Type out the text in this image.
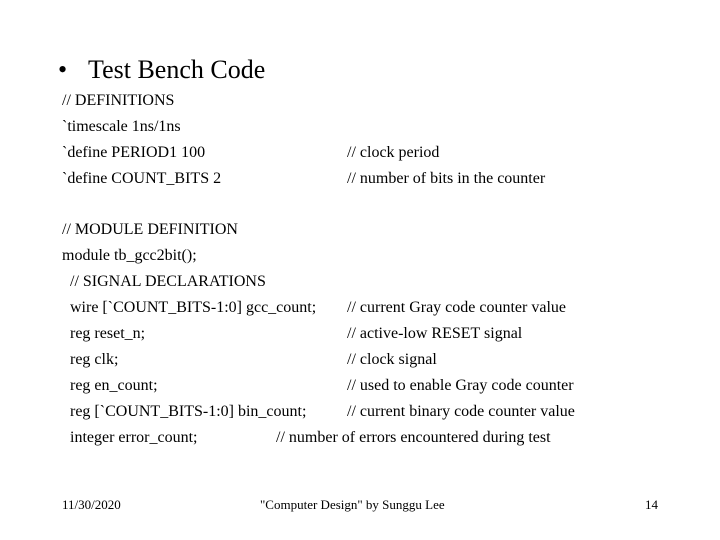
• Test Bench Code
// DEFINITIONS
`timescale 1ns/1ns
`define PERIOD1 100	// clock period
`define COUNT_BITS 2	// number of bits in the counter
// MODULE DEFINITION
module tb_gcc2bit();
// SIGNAL DECLARATIONS
wire [`COUNT_BITS-1:0] gcc_count; // current Gray code counter value
reg reset_n;	// active-low RESET signal
reg clk;	// clock signal
reg en_count;	// used to enable Gray code counter
reg [`COUNT_BITS-1:0] bin_count;	// current binary code counter value
integer error_count;	// number of errors encountered during test
11/30/2020	"Computer Design" by Sunggu Lee	14
